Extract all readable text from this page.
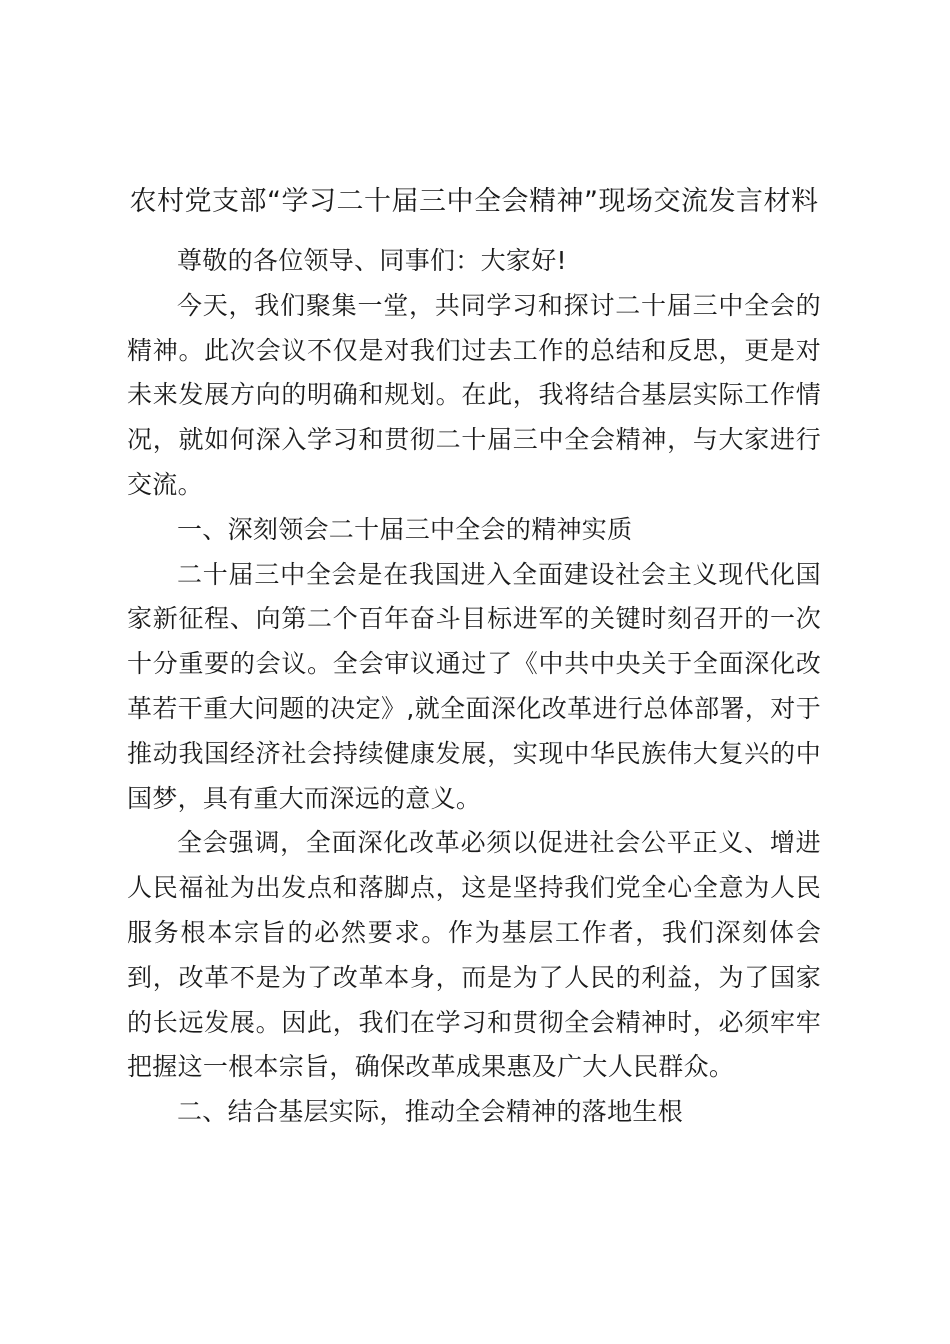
农村党支部“学习二十届三中全会精神”现场交流发言材料

尊敬的各位领导、同事们：大家好!

今天，我们聚集一堂，共同学习和探讨二十届三中全会的精神。此次会议不仅是对我们过去工作的总结和反思，更是对未来发展方向的明确和规划。在此，我将结合基层实际工作情况，就如何深入学习和贯彻二十届三中全会精神，与大家进行交流。

一、深刻领会二十届三中全会的精神实质

二十届三中全会是在我国进入全面建设社会主义现代化国家新征程、向第二个百年奋斗目标进军的关键时刻召开的一次十分重要的会议。全会审议通过了《中共中央关于全面深化改革若干重大问题的决定》,就全面深化改革进行总体部署，对于推动我国经济社会持续健康发展，实现中华民族伟大复兴的中国梦，具有重大而深远的意义。

全会强调，全面深化改革必须以促进社会公平正义、增进人民福祉为出发点和落脚点，这是坚持我们党全心全意为人民服务根本宗旨的必然要求。作为基层工作者，我们深刻体会到，改革不是为了改革本身，而是为了人民的利益，为了国家的长远发展。因此，我们在学习和贯彻全会精神时，必须牢牢把握这一根本宗旨，确保改革成果惠及广大人民群众。

二、结合基层实际，推动全会精神的落地生根
